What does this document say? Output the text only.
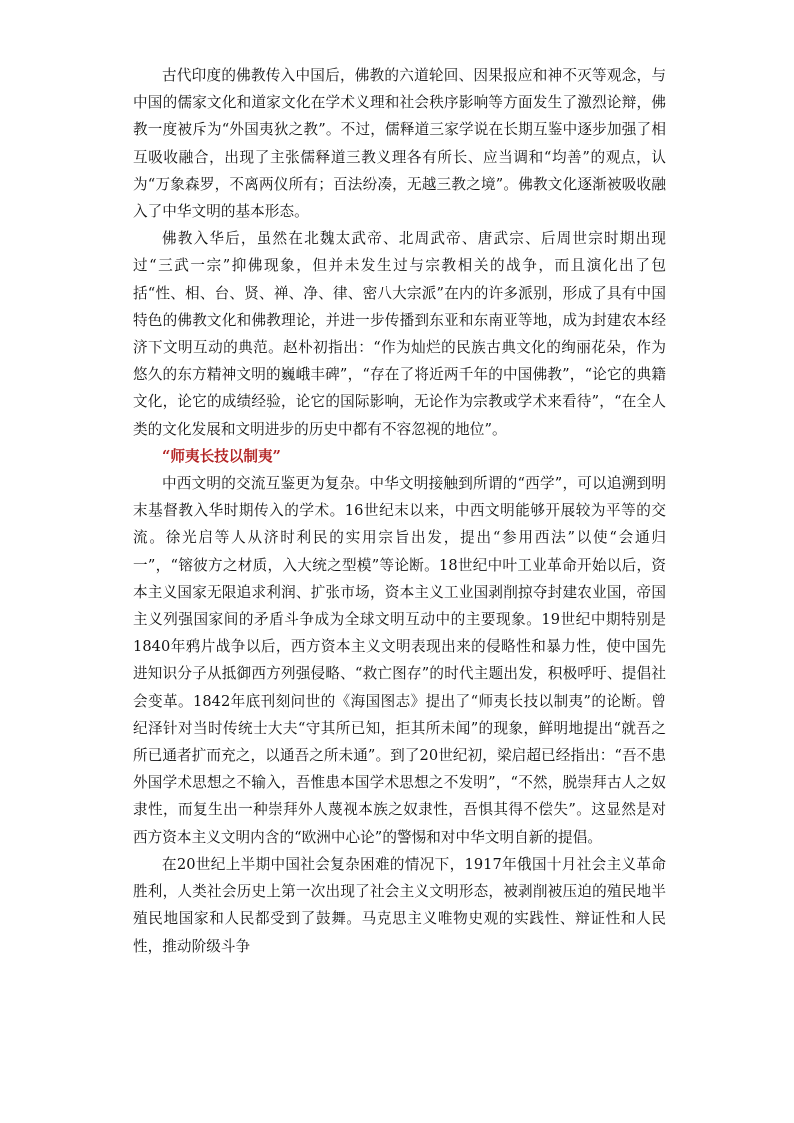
古代印度的佛教传入中国后，佛教的六道轮回、因果报应和神不灭等观念，与中国的儒家文化和道家文化在学术义理和社会秩序影响等方面发生了激烈论辩，佛教一度被斥为“外国夷狄之教”。不过，儒释道三家学说在长期互鉴中逐步加强了相互吸收融合，出现了主张儒释道三教义理各有所长、应当调和“均善”的观点，认为“万象森罗，不离两仪所有；百法纷凑，无越三教之境”。佛教文化逐渐被吸收融入了中华文明的基本形态。

佛教入华后，虽然在北魏太武帝、北周武帝、唐武宗、后周世宗时期出现过“三武一宗”抑佛现象，但并未发生过与宗教相关的战争，而且演化出了包括“性、相、台、贤、禅、净、律、密八大宗派”在内的许多派别，形成了具有中国特色的佛教文化和佛教理论，并进一步传播到东亚和东南亚等地，成为封建农本经济下文明互动的典范。赵朴初指出：“作为灿烂的民族古典文化的绚丽花朵，作为悠久的东方精神文明的巍峨丰碑”，“存在了将近两千年的中国佛教”，“论它的典籍文化，论它的成绩经验，论它的国际影响，无论作为宗教或学术来看待”，“在全人类的文化发展和文明进步的历史中都有不容忽视的地位”。

“师夷长技以制夷”

中西文明的交流互鉴更为复杂。中华文明接触到所谓的“西学”，可以追溯到明末基督教入华时期传入的学术。16世纪末以来，中西文明能够开展较为平等的交流。徐光启等人从济时利民的实用宗旨出发，提出“参用西法”以使“会通归一”，“镕彼方之材质，入大统之型模”等论断。18世纪中叶工业革命开始以后，资本主义国家无限追求利润、扩张市场，资本主义工业国剥削掠夺封建农业国，帝国主义列强国家间的矛盾斗争成为全球文明互动中的主要现象。19世纪中期特别是1840年鸦片战争以后，西方资本主义文明表现出来的侵略性和暴力性，使中国先进知识分子从抵御西方列强侵略、“救亡图存”的时代主题出发，积极呼吁、提倡社会变革。1842年底刊刻问世的《海国图志》提出了“师夷长技以制夷”的论断。曾纪泽针对当时传统士大夫“守其所已知，拒其所未闻”的现象，鲜明地提出“就吾之所已通者扩而充之，以通吾之所未通”。到了20世纪初，梁启超已经指出：“吾不患外国学术思想之不输入，吾惟患本国学术思想之不发明”，“不然，脱崇拜古人之奴隶性，而复生出一种崇拜外人蔑视本族之奴隶性，吾惧其得不偿失”。这显然是对西方资本主义文明内含的“欧洲中心论”的警惕和对中华文明自新的提倡。

在20世纪上半期中国社会复杂困难的情况下，1917年俄国十月社会主义革命胜利，人类社会历史上第一次出现了社会主义文明形态，被剥削被压迫的殖民地半殖民地国家和人民都受到了鼓舞。马克思主义唯物史观的实践性、辩证性和人民性，推动阶级斗争
